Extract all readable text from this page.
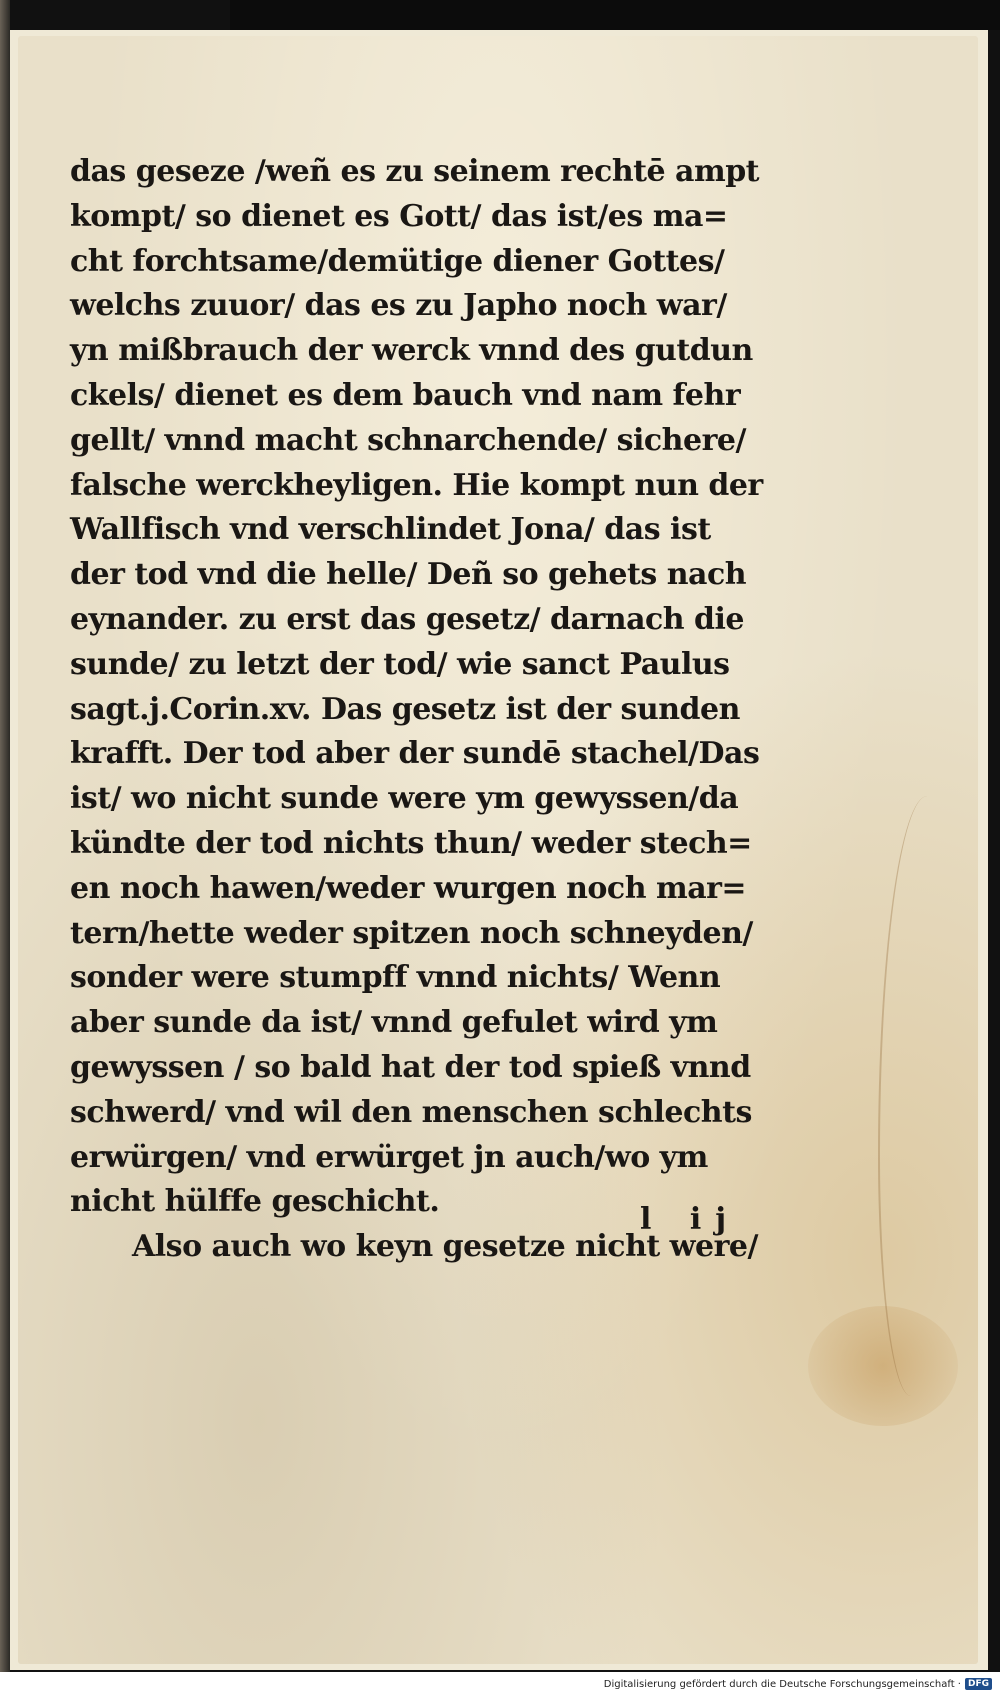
das geseze /weñ es zu seinem rechtē ampt
kompt/ so dienet es Gott/ das ist/es ma=
cht forchtsame/demütige diener Gottes/
welchs zuuor/ das es zu Japho noch war/
yn mißbrauch der werck vnnd des gutdun
ckels/ dienet es dem bauch vnd nam fehr
gellt/ vnnd macht schnarchende/ sichere/
falsche werckheyligen. Hie kompt nun der
Wallfisch vnd verschlindet Jona/ das ist
der tod vnd die helle/ Deñ so gehets nach
eynander. zu erst das gesetz/ darnach die
sunde/ zu letzt der tod/ wie sanct Paulus
sagt.j.Corin.xv. Das gesetz ist der sunden
krafft. Der tod aber der sundē stachel/Das
ist/ wo nicht sunde were ym gewyssen/da
kündte der tod nichts thun/ weder stech=
en noch hawen/weder wurgen noch mar=
tern/hette weder spitzen noch schneyden/
sonder were stumpff vnnd nichts/ Wenn
aber sunde da ist/ vnnd gefulet wird ym
gewyssen / so bald hat der tod spieß vnnd
schwerd/ vnd wil den menschen schlechts
erwürgen/ vnd erwürget jn auch/wo ym
nicht hülffe geschicht.
Also auch wo keyn gesetze nicht were/
l ij
Digitalisierung gefördert durch die Deutsche Forschungsgemeinschaft · DFG
